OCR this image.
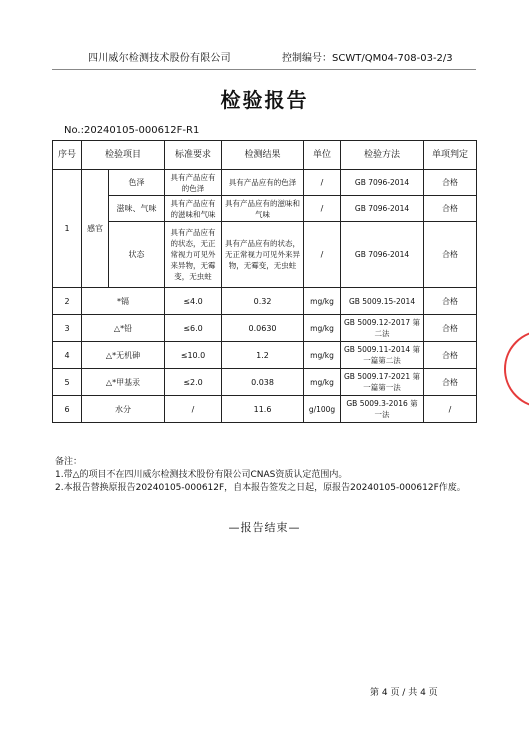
四川威尔检测技术股份有限公司	控制编号：SCWT/QM04-708-03-2/3
检验报告
No.:20240105-000612F-R1
序号	检验项目		标准要求	检测结果	单位	检验方法	单项判定
1	感官	色泽	具有产品应有的色泽	具有产品应有的色泽	/	GB 7096-2014	合格
		滋味、气味	具有产品应有的滋味和气味	具有产品应有的滋味和气味	/	GB 7096-2014	合格
		状态	具有产品应有的状态，无正常视力可见外来异物，无霉变，无虫蛀	具有产品应有的状态，无正常视力可见外来异物，无霉变，无虫蛀	/	GB 7096-2014	合格
2	*镉		≤4.0	0.32	mg/kg	GB 5009.15-2014	合格
3	△*铅		≤6.0	0.0630	mg/kg	GB 5009.12-2017 第二法	合格
4	△*无机砷		≤10.0	1.2	mg/kg	GB 5009.11-2014 第一篇第二法	合格
5	△*甲基汞		≤2.0	0.038	mg/kg	GB 5009.17-2021 第一篇第一法	合格
6	水分		/	11.6	g/100g	GB 5009.3-2016 第一法	/
备注：
1.带△的项目不在四川威尔检测技术股份有限公司CNAS资质认定范围内。
2.本报告替换原报告20240105-000612F，自本报告签发之日起，原报告20240105-000612F作废。
—报告结束—
第 4 页 / 共 4 页
